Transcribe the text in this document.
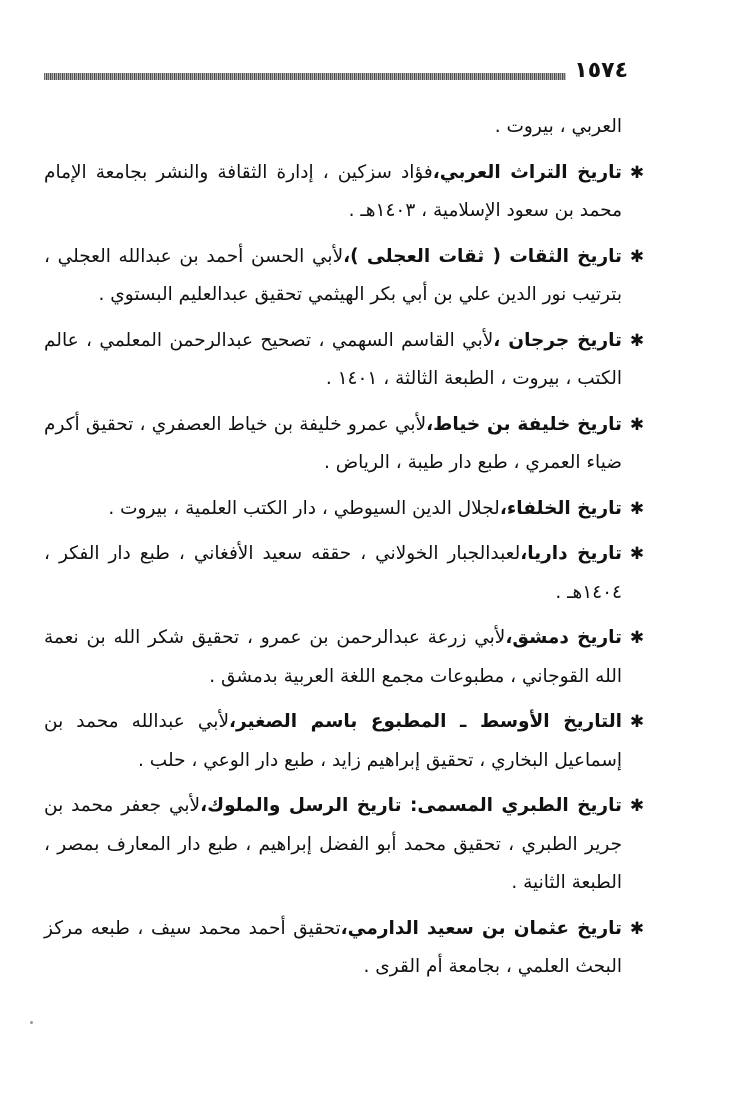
١٥٧٤

العربي ، بيروت .

✱تاريخ التراث العربي،فؤاد سزكين ، إدارة الثقافة والنشر بجامعة الإمام محمد بن سعود الإسلامية ، ١٤٠٣هـ .

✱تاريخ الثقات ( ثقات العجلى )،لأبي الحسن أحمد بن عبدالله العجلي ، بترتيب نور الدين علي بن أبي بكر الهيثمي تحقيق عبدالعليم البستوي .

✱تاريخ جرجان ،لأبي القاسم السهمي ، تصحيح عبدالرحمن المعلمي ، عالم الكتب ، بيروت ، الطبعة الثالثة ، ١٤٠١ .

✱تاريخ خليفة بن خياط،لأبي عمرو خليفة بن خياط العصفري ، تحقيق أكرم ضياء العمري ، طبع دار طيبة ، الرياض .

✱تاريخ الخلفاء،لجلال الدين السيوطي ، دار الكتب العلمية ، بيروت .

✱تاريخ داريا،لعبدالجبار الخولاني ، حققه سعيد الأفغاني ، طبع دار الفكر ، ١٤٠٤هـ .

✱تاريخ دمشق،لأبي زرعة عبدالرحمن بن عمرو ، تحقيق شكر الله بن نعمة الله القوجاني ، مطبوعات مجمع اللغة العربية بدمشق .

✱التاريخ الأوسط ـ المطبوع باسم الصغير،لأبي عبدالله محمد بن إسماعيل البخاري ، تحقيق إبراهيم زايد ، طبع دار الوعي ، حلب .

✱تاريخ الطبري المسمى: تاريخ الرسل والملوك،لأبي جعفر محمد بن جرير الطبري ، تحقيق محمد أبو الفضل إبراهيم ، طبع دار المعارف بمصر ، الطبعة الثانية .

✱تاريخ عثمان بن سعيد الدارمي،تحقيق أحمد محمد سيف ، طبعه مركز البحث العلمي ، بجامعة أم القرى .
